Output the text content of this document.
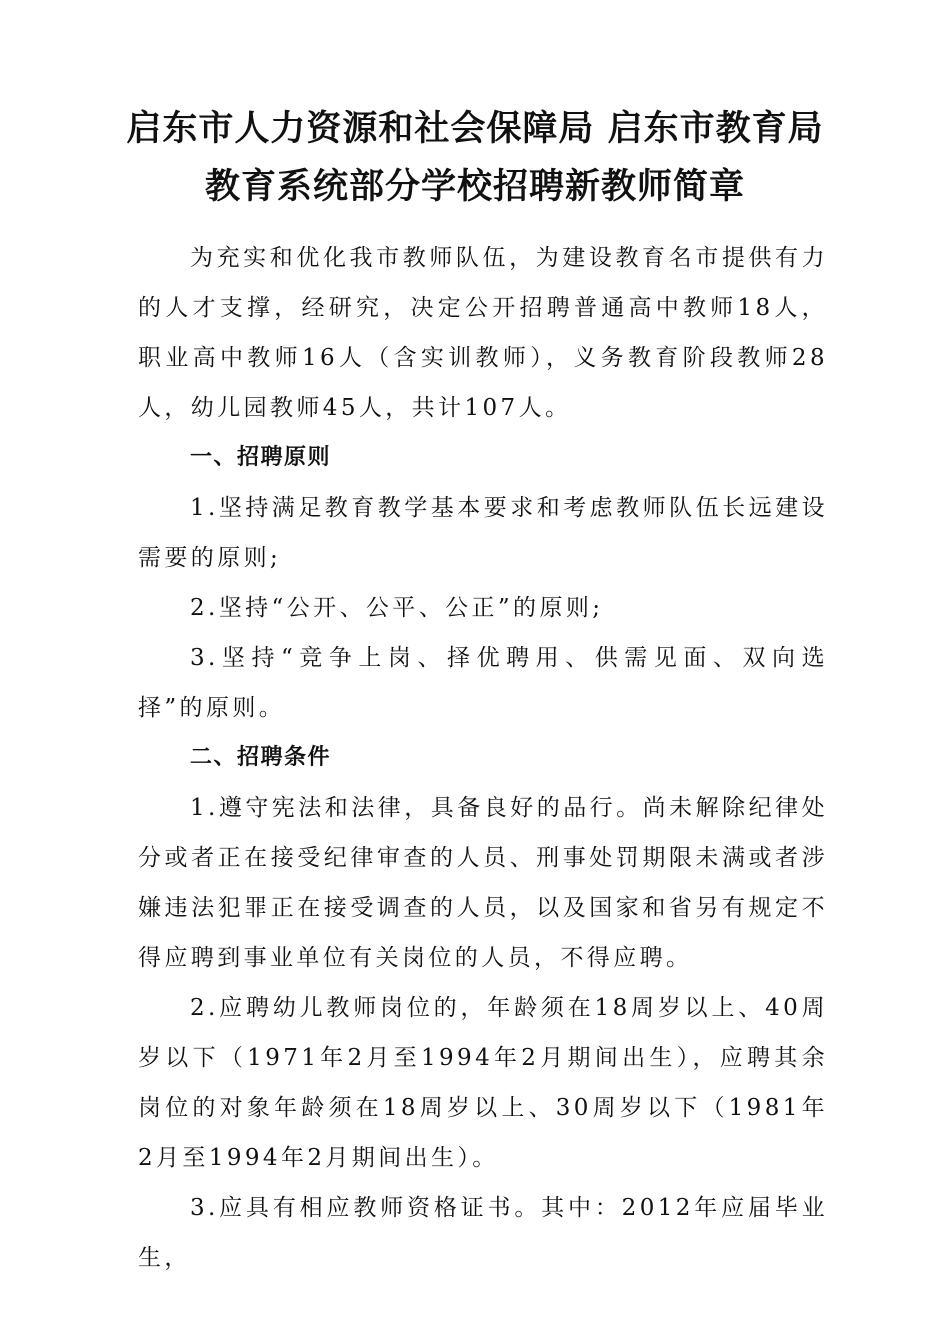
启东市人力资源和社会保障局 启东市教育局
教育系统部分学校招聘新教师简章

为充实和优化我市教师队伍，为建设教育名市提供有力的人才支撑，经研究，决定公开招聘普通高中教师18人，职业高中教师16人（含实训教师），义务教育阶段教师28人，幼儿园教师45人，共计107人。

一、招聘原则

1.坚持满足教育教学基本要求和考虑教师队伍长远建设需要的原则;

2.坚持“公开、公平、公正”的原则;

3.坚持“竞争上岗、择优聘用、供需见面、双向选择”的原则。

二、招聘条件

1.遵守宪法和法律，具备良好的品行。尚未解除纪律处分或者正在接受纪律审查的人员、刑事处罚期限未满或者涉嫌违法犯罪正在接受调查的人员，以及国家和省另有规定不得应聘到事业单位有关岗位的人员，不得应聘。

2.应聘幼儿教师岗位的，年龄须在18周岁以上、40周岁以下（1971年2月至1994年2月期间出生），应聘其余岗位的对象年龄须在18周岁以上、30周岁以下（1981年2月至1994年2月期间出生）。

3.应具有相应教师资格证书。其中：2012年应届毕业生，
